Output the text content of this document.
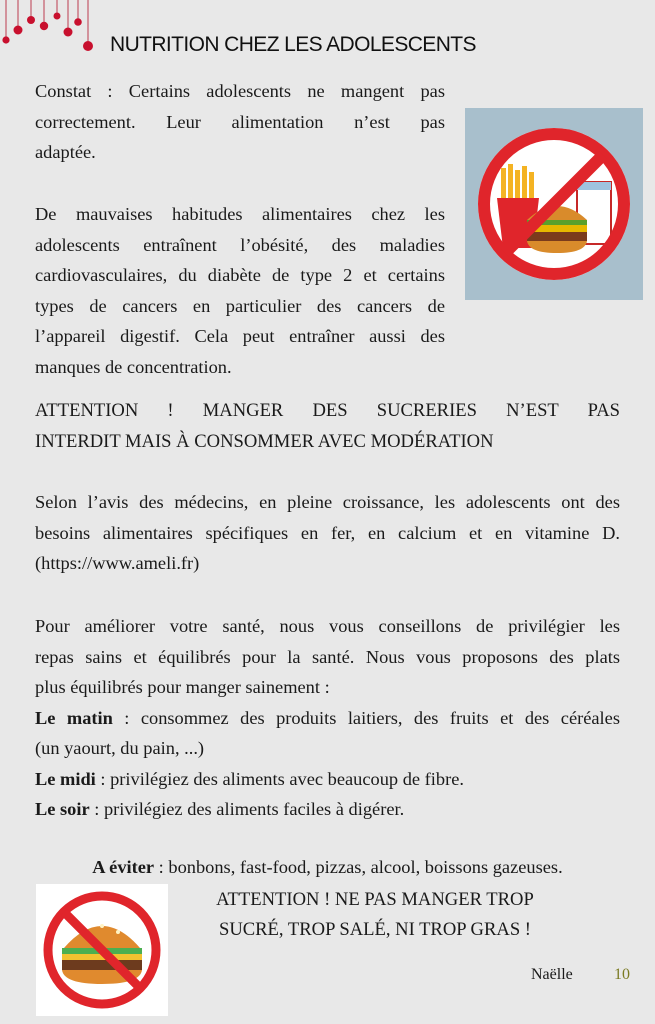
NUTRITION CHEZ LES ADOLESCENTS
Constat : Certains adolescents ne mangent pas
correctement. Leur alimentation n’est pas
adaptée.
De mauvaises habitudes alimentaires chez les
adolescents entraînent l’obésité, des maladies
cardiovasculaires, du diabète de type 2 et certains
types de cancers en particulier des cancers de
l’appareil digestif. Cela peut entraîner aussi des
manques de concentration.
ATTENTION ! MANGER DES SUCRERIES N’EST PAS
INTERDIT MAIS À CONSOMMER AVEC MODÉRATION
Selon l’avis des médecins, en pleine croissance, les adolescents ont des
besoins alimentaires spécifiques en fer, en calcium et en vitamine D.
(https://www.ameli.fr)
Pour améliorer votre santé, nous vous conseillons de privilégier les
repas sains et équilibrés pour la santé. Nous vous proposons des plats
plus équilibrés pour manger sainement :
Le matin : consommez des produits laitiers, des fruits et des céréales
(un yaourt, du pain, ...)
Le midi : privilégiez des aliments avec beaucoup de fibre.
Le soir : privilégiez des aliments faciles à digérer.
A éviter : bonbons, fast-food, pizzas, alcool, boissons gazeuses.
ATTENTION ! NE PAS MANGER TROP
SUCRÉ, TROP SALÉ, NI TROP GRAS !
Naëlle	10
